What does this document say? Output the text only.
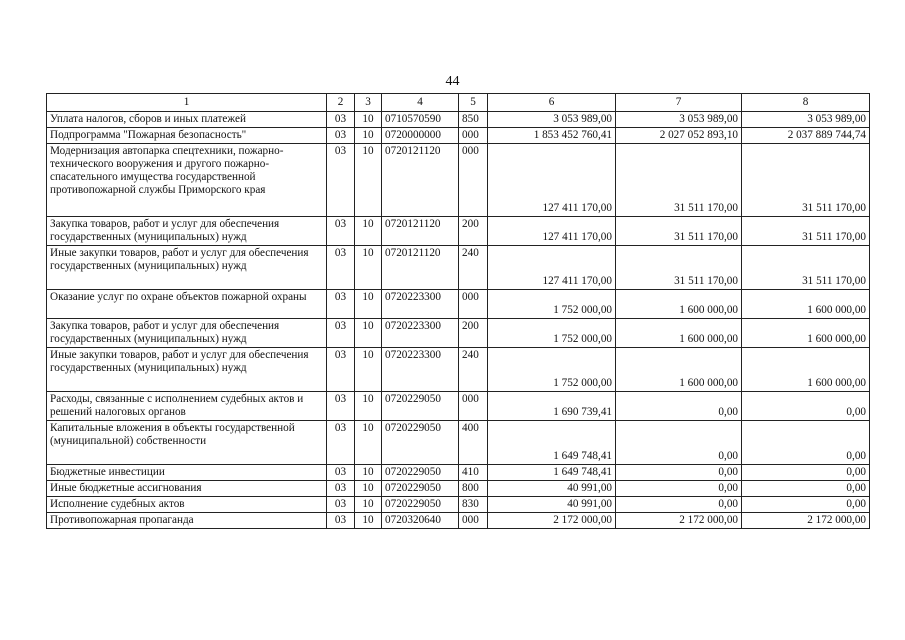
44
1	2	3	4	5	6	7	8
Уплата налогов, сборов и иных платежей	03	10	0710570590	850	3 053 989,00	3 053 989,00	3 053 989,00
Подпрограмма "Пожарная безопасность"	03	10	0720000000	000	1 853 452 760,41	2 027 052 893,10	2 037 889 744,74
Модернизация автопарка спецтехники, пожарно-технического вооружения и другого пожарно-спасательного имущества государственной противопожарной службы Приморского края	03	10	0720121120	000	127 411 170,00	31 511 170,00	31 511 170,00
Закупка товаров, работ и услуг для обеспечения государственных (муниципальных) нужд	03	10	0720121120	200	127 411 170,00	31 511 170,00	31 511 170,00
Иные закупки товаров, работ и услуг для обеспечения государственных (муниципальных) нужд	03	10	0720121120	240	127 411 170,00	31 511 170,00	31 511 170,00
Оказание услуг по охране объектов пожарной охраны	03	10	0720223300	000	1 752 000,00	1 600 000,00	1 600 000,00
Закупка товаров, работ и услуг для обеспечения государственных (муниципальных) нужд	03	10	0720223300	200	1 752 000,00	1 600 000,00	1 600 000,00
Иные закупки товаров, работ и услуг для обеспечения государственных (муниципальных) нужд	03	10	0720223300	240	1 752 000,00	1 600 000,00	1 600 000,00
Расходы, связанные с исполнением судебных актов и решений налоговых органов	03	10	0720229050	000	1 690 739,41	0,00	0,00
Капитальные вложения в объекты государственной (муниципальной) собственности	03	10	0720229050	400	1 649 748,41	0,00	0,00
Бюджетные инвестиции	03	10	0720229050	410	1 649 748,41	0,00	0,00
Иные бюджетные ассигнования	03	10	0720229050	800	40 991,00	0,00	0,00
Исполнение судебных актов	03	10	0720229050	830	40 991,00	0,00	0,00
Противопожарная пропаганда	03	10	0720320640	000	2 172 000,00	2 172 000,00	2 172 000,00
